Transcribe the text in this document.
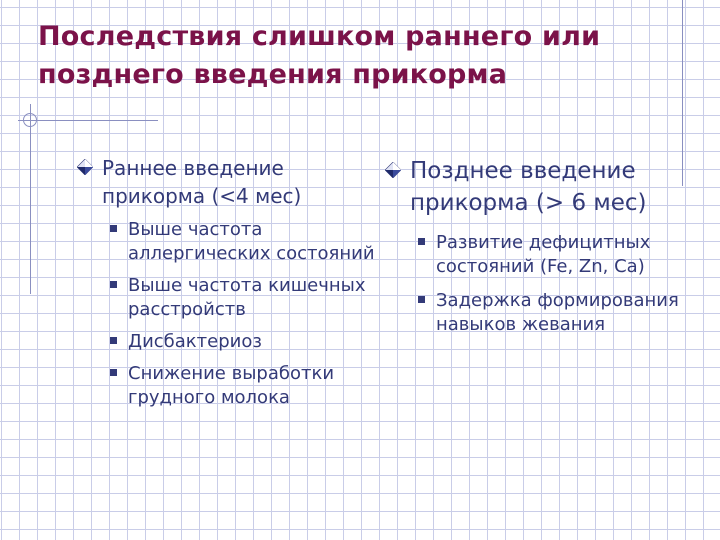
Последствия слишком раннего или позднего введения прикорма
Раннее введение прикорма (<4 мес)
Выше частота аллергических состояний
Выше частота кишечных расстройств
Дисбактериоз
Снижение выработки грудного молока
Позднее введение прикорма (> 6 мес)
Развитие дефицитных состояний (Fe, Zn, Ca)
Задержка формирования навыков жевания
